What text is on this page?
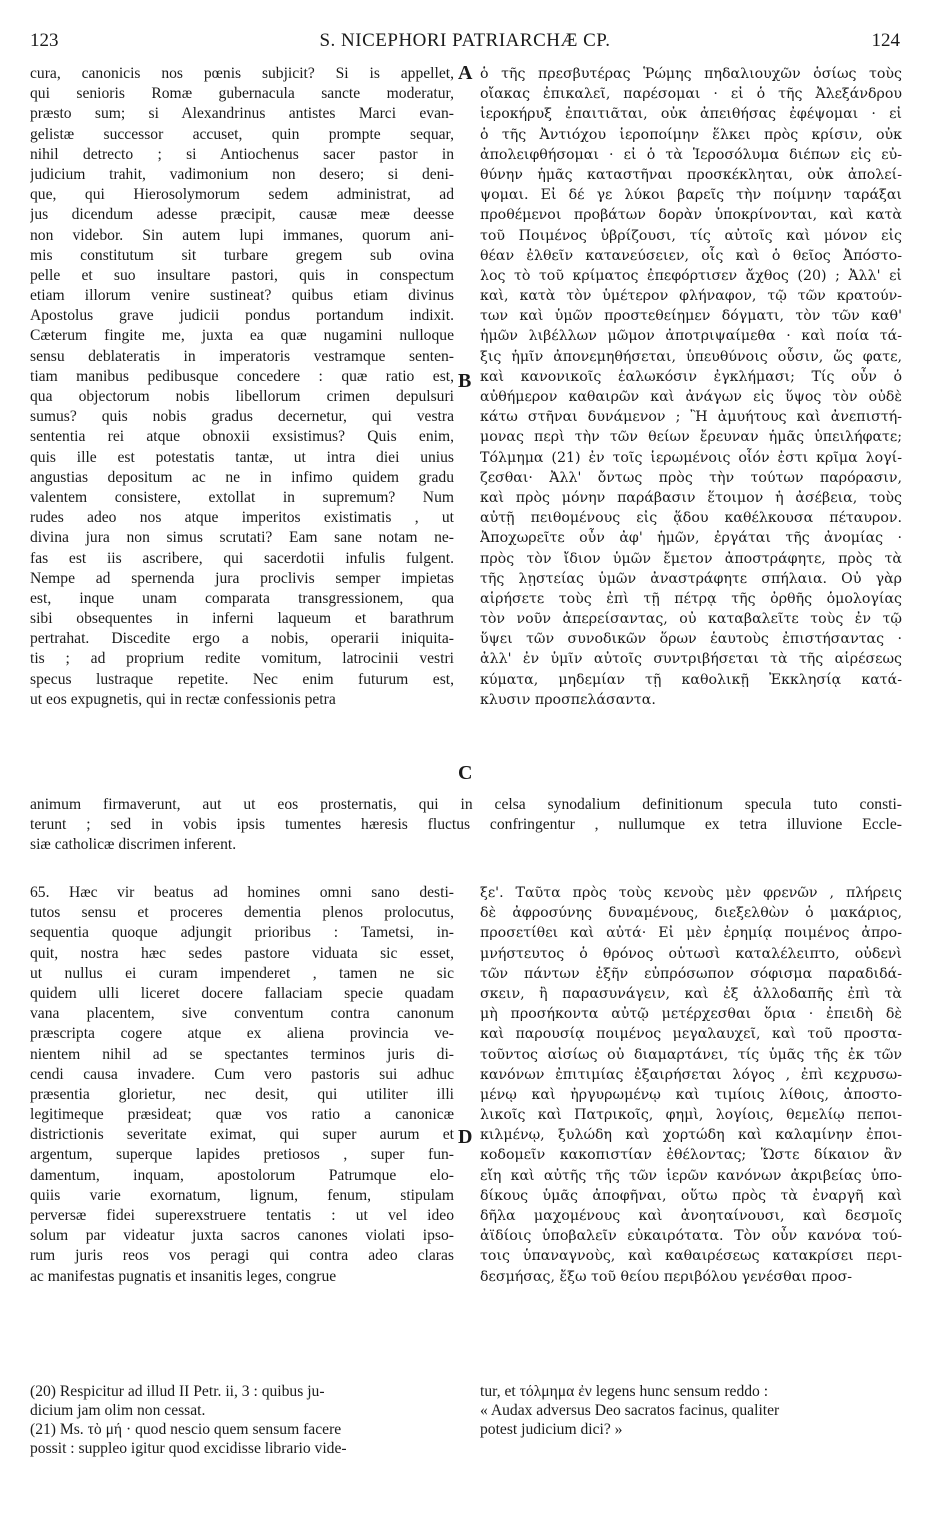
123	S. NICEPHORI PATRIARCHÆ CP.	124
cura, canonicis nos pœnis subjicit? Si is appellet,
qui senioris Romæ gubernacula sancte moderatur,
præsto sum; si Alexandrinus antistes Marci evan-
gelistæ successor accuset, quin prompte sequar,
nihil detrecto ; si Antiochenus sacer pastor in
judicium trahit, vadimonium non desero; si deni-
que, qui Hierosolymorum sedem administrat, ad
jus dicendum adesse præcipit, causæ meæ deesse
non videbor. Sin autem lupi immanes, quorum ani-
mis constitutum sit turbare gregem sub ovina
pelle et suo insultare pastori, quis in conspectum
etiam illorum venire sustineat? quibus etiam divinus
Apostolus grave judicii pondus portandum indixit.
Cæterum fingite me, juxta ea quæ nugamini nulloque
sensu deblateratis in imperatoris vestramque senten-
tiam manibus pedibusque concedere : quæ ratio est,
qua objectorum nobis libellorum crimen depulsuri
sumus? quis nobis gradus decernetur, qui vestra
sententia rei atque obnoxii exsistimus? Quis enim,
quis ille est potestatis tantæ, ut intra diei unius
angustias depositum ac ne in infimo quidem gradu
valentem consistere, extollat in supremum? Num
rudes adeo nos atque imperitos existimatis , ut
divina jura non simus scrutati? Eam sane notam ne-
fas est iis ascribere, qui sacerdotii infulis fulgent.
Nempe ad spernenda jura proclivis semper impietas
est, inque unam comparata transgressionem, qua
sibi obsequentes in inferni laqueum et barathrum
pertrahat. Discedite ergo a nobis, operarii iniquita-
tis ; ad proprium redite vomitum, latrocinii vestri
specus lustraque repetite. Nec enim futurum est,
ut eos expugnetis, qui in rectæ confessionis petra
ὁ τῆς πρεσβυτέρας Ῥώμης πηδαλιουχῶν ὁσίως τοὺς
οἴακας ἐπικαλεῖ, παρέσομαι · εἰ ὁ τῆς Ἀλεξάνδρου
ἱεροκήρυξ ἐπαιτιᾶται, οὐκ ἀπειθήσας ἐφέψομαι · εἰ
ὁ τῆς Ἀντιόχου ἱεροποίμην ἕλκει πρὸς κρίσιν, οὐκ
ἀπολειφθήσομαι · εἰ ὁ τὰ Ἱεροσόλυμα διέπων εἰς εὐ-
θύνην ἡμᾶς καταστῆναι προσκέκληται, οὐκ ἀπολεί-
ψομαι. Εἰ δέ γε λύκοι βαρεῖς τὴν ποίμνην ταράξαι
προθέμενοι προβάτων δορὰν ὑποκρίνονται, καὶ κατὰ
τοῦ Ποιμένος ὑβρίζουσι, τίς αὐτοῖς καὶ μόνον εἰς
θέαν ἐλθεῖν κατανεύσειεν, οἷς καὶ ὁ θεῖος Ἀπόστο-
λος τὸ τοῦ κρίματος ἐπεφόρτισεν ἄχθος (20) ; Ἀλλ' εἰ
καὶ, κατὰ τὸν ὑμέτερον φλήναφον, τῷ τῶν κρατούν-
των καὶ ὑμῶν προστεθείημεν δόγματι, τὸν τῶν καθ'
ἡμῶν λιβέλλων μῶμον ἀποτριψαίμεθα · καὶ ποία τά-
ξις ἡμῖν ἀπονεμηθήσεται, ὑπευθύνοις οὖσιν, ὥς φατε,
καὶ κανονικοῖς ἑαλωκόσιν ἐγκλήμασι; Τίς οὖν ὁ
αὐθήμερον καθαιρῶν καὶ ἀνάγων εἰς ὕψος τὸν οὐδὲ
κάτω στῆναι δυνάμενον ; Ἢ ἀμυήτους καὶ ἀνεπιστή-
μονας περὶ τὴν τῶν θείων ἔρευναν ἡμᾶς ὑπειλήφατε;
Τόλμημα (21) ἐν τοῖς ἱερωμένοις οἷόν ἐστι κρῖμα λογί-
ζεσθαι· Ἀλλ' ὄντως πρὸς τὴν τούτων παρόρασιν,
καὶ πρὸς μόνην παράβασιν ἕτοιμον ἡ ἀσέβεια, τοὺς
αὐτῇ πειθομένους εἰς ᾅδου καθέλκουσα πέταυρον.
Ἀποχωρεῖτε οὖν ἀφ' ἡμῶν, ἐργάται τῆς ἀνομίας ·
πρὸς τὸν ἴδιον ὑμῶν ἔμετον ἀποστράφητε, πρὸς τὰ
τῆς λῃστείας ὑμῶν ἀναστράφητε σπήλαια. Οὐ γὰρ
αἱρήσετε τοὺς ἐπὶ τῇ πέτρᾳ τῆς ὀρθῆς ὁμολογίας
τὸν νοῦν ἀπερείσαντας, οὐ καταβαλεῖτε τοὺς ἐν τῷ
ὕψει τῶν συνοδικῶν ὅρων ἑαυτοὺς ἐπιστήσαντας ·
ἀλλ' ἐν ὑμῖν αὐτοῖς συντριβήσεται τὰ τῆς αἱρέσεως
κύματα, μηδεμίαν τῇ καθολικῇ Ἐκκλησίᾳ κατά-
κλυσιν προσπελάσαντα.
A
B
C
animum firmaverunt, aut ut eos prosternatis, qui in celsa synodalium definitionum specula tuto consti-
terunt ; sed in vobis ipsis tumentes hæresis fluctus confringentur , nullumque ex tetra illuvione Eccle-
siæ catholicæ discrimen inferent.
65. Hæc vir beatus ad homines omni sano desti-
tutos sensu et proceres dementia plenos prolocutus,
sequentia quoque adjungit prioribus : Tametsi, in-
quit, nostra hæc sedes pastore viduata sic esset,
ut nullus ei curam impenderet , tamen ne sic
quidem ulli liceret docere fallaciam specie quadam
vana placentem, sive conventum contra canonum
præscripta cogere atque ex aliena provincia ve-
nientem nihil ad se spectantes terminos juris di-
cendi causa invadere. Cum vero pastoris sui adhuc
præsentia glorietur, nec desit, qui utiliter illi
legitimeque præsideat; quæ vos ratio a canonicæ
districtionis severitate eximat, qui super aurum et
argentum, superque lapides pretiosos , super fun-
damentum, inquam, apostolorum Patrumque elo-
quiis varie exornatum, lignum, fenum, stipulam
perversæ fidei superexstruere tentatis : ut vel ideo
solum par videatur juxta sacros canones violati ipso-
rum juris reos vos peragi qui contra adeo claras
ac manifestas pugnatis et insanitis leges, congrue
ξε'. Ταῦτα πρὸς τοὺς κενοὺς μὲν φρενῶν , πλήρεις
δὲ ἀφροσύνης δυναμένους, διεξελθὼν ὁ μακάριος,
προσετίθει καὶ αὐτά· Εἰ μὲν ἐρημίᾳ ποιμένος ἀπρο-
μνήστευτος ὁ θρόνος οὑτωσὶ καταλέλειπτο, οὐδενὶ
τῶν πάντων ἐξῆν εὐπρόσωπον σόφισμα παραδιδά-
σκειν, ἢ παρασυνάγειν, καὶ ἐξ ἀλλοδαπῆς ἐπὶ τὰ
μὴ προσήκοντα αὐτῷ μετέρχεσθαι ὅρια · ἐπειδὴ δὲ
καὶ παρουσίᾳ ποιμένος μεγαλαυχεῖ, καὶ τοῦ προστα-
τοῦντος αἰσίως οὐ διαμαρτάνει, τίς ὑμᾶς τῆς ἐκ τῶν
κανόνων ἐπιτιμίας ἐξαιρήσεται λόγος , ἐπὶ κεχρυσω-
μένῳ καὶ ἠργυρωμένῳ καὶ τιμίοις λίθοις, ἀποστο-
λικοῖς καὶ Πατρικοῖς, φημὶ, λογίοις, θεμελίῳ πεποι-
κιλμένῳ, ξυλώδη καὶ χορτώδη καὶ καλαμίνην ἐποι-
κοδομεῖν κακοπιστίαν ἐθέλοντας; Ὥστε δίκαιον ἂν
εἴη καὶ αὐτῆς τῆς τῶν ἱερῶν κανόνων ἀκριβείας ὑπο-
δίκους ὑμᾶς ἀποφῆναι, οὕτω πρὸς τὰ ἐναργῆ καὶ
δῆλα μαχομένους καὶ ἀνοηταίνουσι, καὶ δεσμοῖς
ἀϊδίοις ὑποβαλεῖν εὐκαιρότατα. Τὸν οὖν κανόνα τού-
τοις ὑπαναγνοὺς, καὶ καθαιρέσεως κατακρίσει περι-
δεσμήσας, ἔξω τοῦ θείου περιβόλου γενέσθαι προσ-
D
(20) Respicitur ad illud II Petr. ii, 3 : quibus ju-
dicium jam olim non cessat.
(21) Ms. τὸ μή · quod nescio quem sensum facere
possit : suppleo igitur quod excidisse librario vide-
tur, et τόλμημα ἐν legens hunc sensum reddo :
« Audax adversus Deo sacratos facinus, qualiter
potest judicium dici? »
